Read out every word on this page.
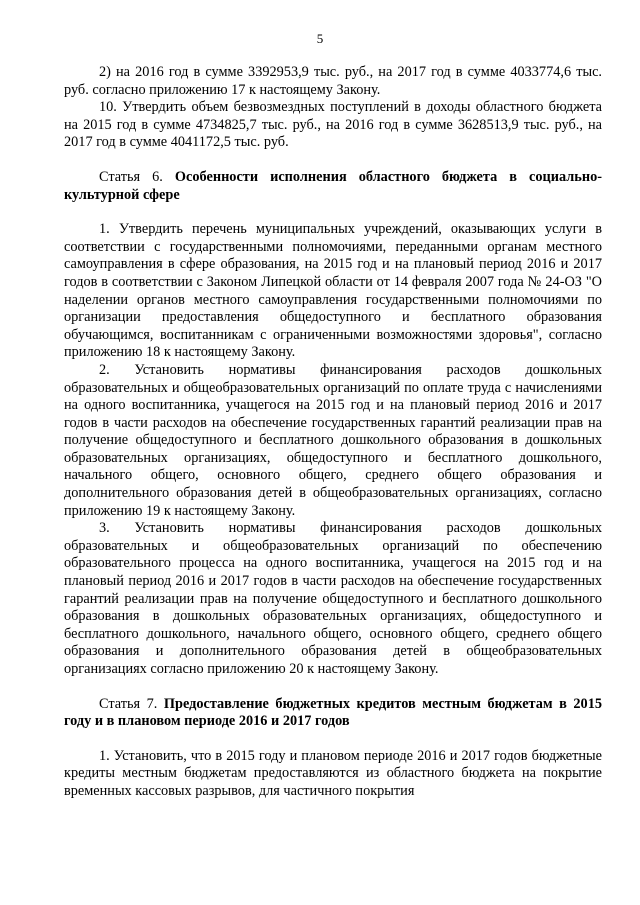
5

2) на 2016 год в сумме 3392953,9 тыс. руб., на 2017 год в сумме 4033774,6 тыс. руб. согласно приложению 17 к настоящему Закону.

10. Утвердить объем безвозмездных поступлений в доходы областного бюджета на 2015 год в сумме 4734825,7 тыс. руб., на 2016 год в сумме 3628513,9 тыс. руб., на 2017 год в сумме 4041172,5 тыс. руб.

Статья 6. Особенности исполнения областного бюджета в социально-культурной сфере

1. Утвердить перечень муниципальных учреждений, оказывающих услуги в соответствии с государственными полномочиями, переданными органам местного самоуправления в сфере образования, на 2015 год и на плановый период 2016 и 2017 годов в соответствии с Законом Липецкой области от 14 февраля 2007 года № 24-ОЗ "О наделении органов местного самоуправления государственными полномочиями по организации предоставления общедоступного и бесплатного образования обучающимся, воспитанникам с ограниченными возможностями здоровья", согласно приложению 18 к настоящему Закону.

2. Установить нормативы финансирования расходов дошкольных образовательных и общеобразовательных организаций по оплате труда с начислениями на одного воспитанника, учащегося на 2015 год и на плановый период 2016 и 2017 годов в части расходов на обеспечение государственных гарантий реализации прав на получение общедоступного и бесплатного дошкольного образования в дошкольных образовательных организациях, общедоступного и бесплатного дошкольного, начального общего, основного общего, среднего общего образования и дополнительного образования детей в общеобразовательных организациях, согласно приложению 19 к настоящему Закону.

3. Установить нормативы финансирования расходов дошкольных образовательных и общеобразовательных организаций по обеспечению образовательного процесса на одного воспитанника, учащегося на 2015 год и на плановый период 2016 и 2017 годов в части расходов на обеспечение государственных гарантий реализации прав на получение общедоступного и бесплатного дошкольного образования в дошкольных образовательных организациях, общедоступного и бесплатного дошкольного, начального общего, основного общего, среднего общего образования и дополнительного образования детей в общеобразовательных организациях согласно приложению 20 к настоящему Закону.

Статья 7. Предоставление бюджетных кредитов местным бюджетам в 2015 году и в плановом периоде 2016 и 2017 годов

1. Установить, что в 2015 году и плановом периоде 2016 и 2017 годов бюджетные кредиты местным бюджетам предоставляются из областного бюджета на покрытие временных кассовых разрывов, для частичного покрытия
